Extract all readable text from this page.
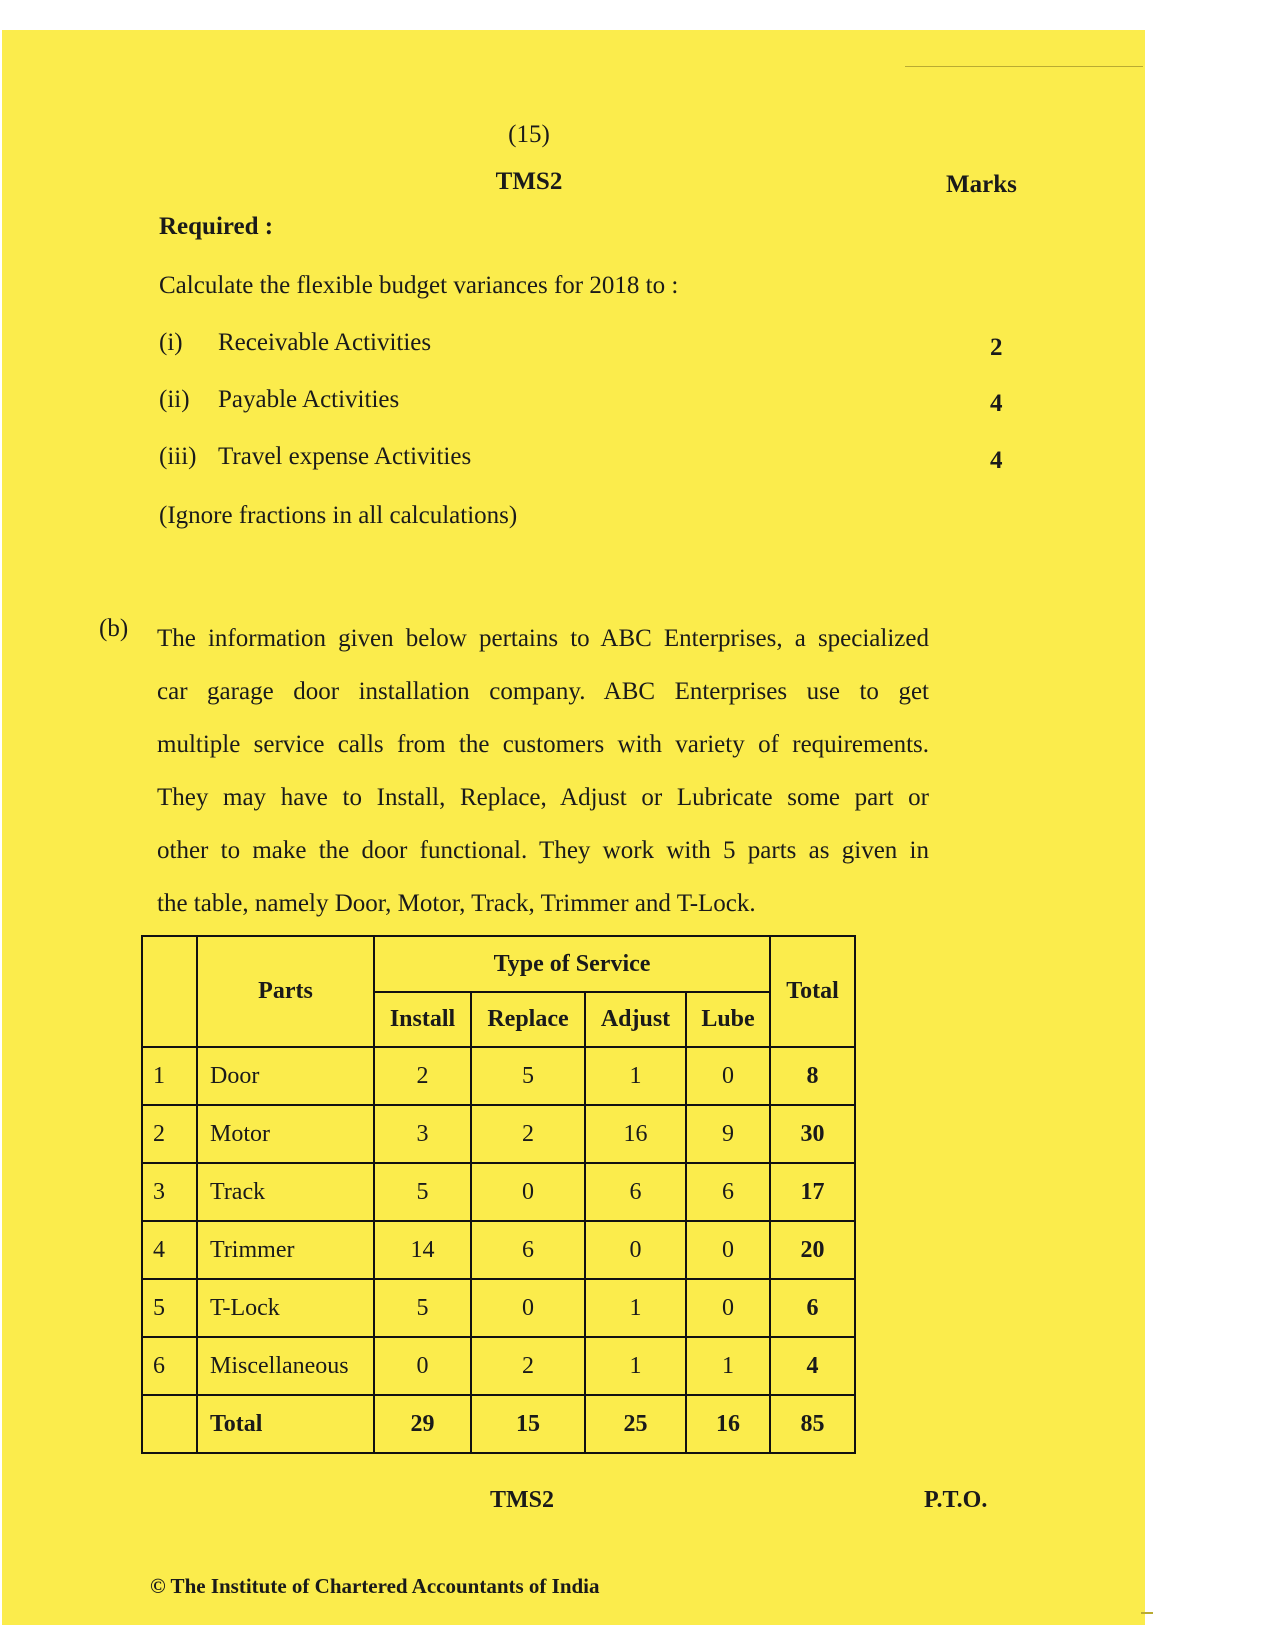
(15)
TMS2	Marks
Required :
Calculate the flexible budget variances for 2018 to :
(i) Receivable Activities	2
(ii) Payable Activities	4
(iii) Travel expense Activities	4
(Ignore fractions in all calculations)
(b) The information given below pertains to ABC Enterprises, a specialized
car garage door installation company. ABC Enterprises use to get
multiple service calls from the customers with variety of requirements.
They may have to Install, Replace, Adjust or Lubricate some part or
other to make the door functional. They work with 5 parts as given in
the table, namely Door, Motor, Track, Trimmer and T-Lock.
	Parts	Type of Service				Total
		Install	Replace	Adjust	Lube	
1	Door	2	5	1	0	8
2	Motor	3	2	16	9	30
3	Track	5	0	6	6	17
4	Trimmer	14	6	0	0	20
5	T-Lock	5	0	1	0	6
6	Miscellaneous	0	2	1	1	4
	Total	29	15	25	16	85
TMS2	P.T.O.
© The Institute of Chartered Accountants of India
